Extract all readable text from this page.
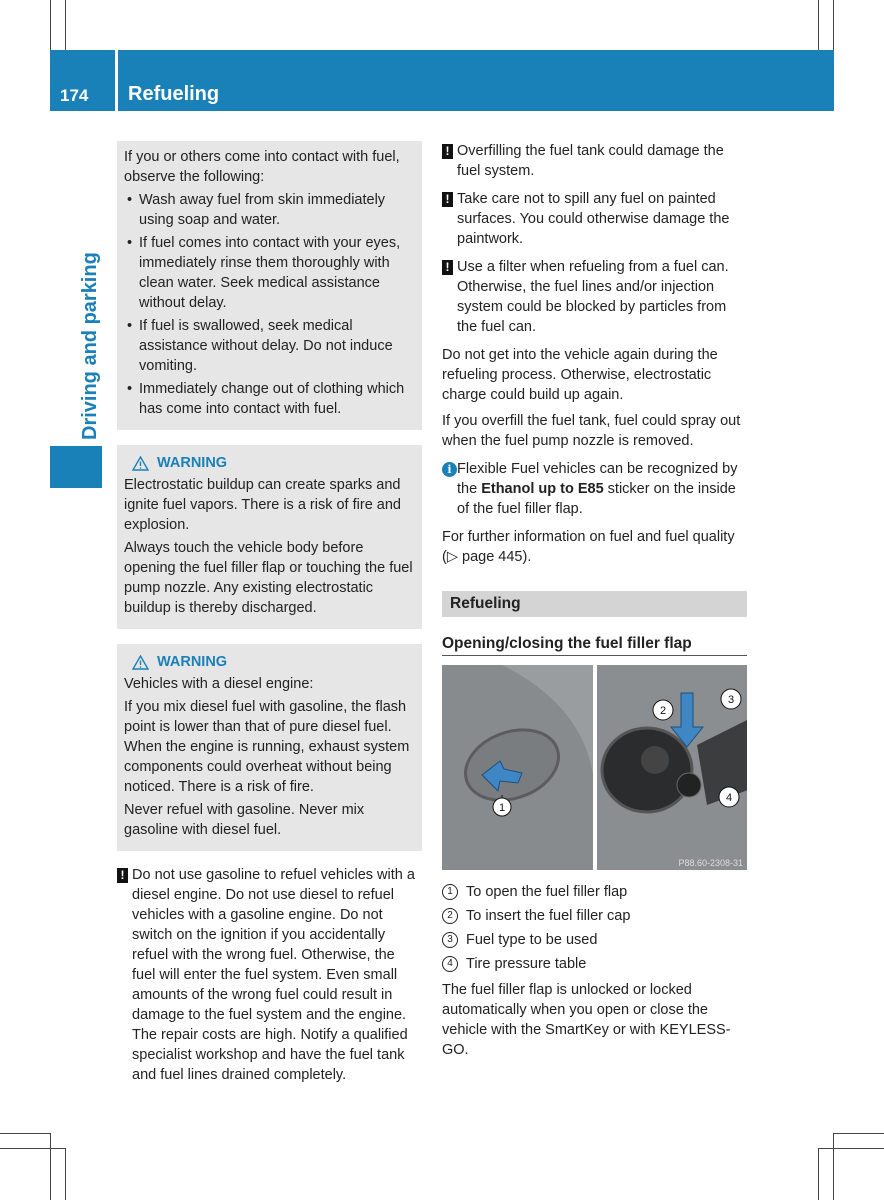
174 Refueling
Driving and parking
If you or others come into contact with fuel, observe the following:
• Wash away fuel from skin immediately using soap and water.
• If fuel comes into contact with your eyes, immediately rinse them thoroughly with clean water. Seek medical assistance without delay.
• If fuel is swallowed, seek medical assistance without delay. Do not induce vomiting.
• Immediately change out of clothing which has come into contact with fuel.
WARNING
Electrostatic buildup can create sparks and ignite fuel vapors. There is a risk of fire and explosion.
Always touch the vehicle body before opening the fuel filler flap or touching the fuel pump nozzle. Any existing electrostatic buildup is thereby discharged.
WARNING
Vehicles with a diesel engine:
If you mix diesel fuel with gasoline, the flash point is lower than that of pure diesel fuel. When the engine is running, exhaust system components could overheat without being noticed. There is a risk of fire.
Never refuel with gasoline. Never mix gasoline with diesel fuel.
! Do not use gasoline to refuel vehicles with a diesel engine. Do not use diesel to refuel vehicles with a gasoline engine. Do not switch on the ignition if you accidentally refuel with the wrong fuel. Otherwise, the fuel will enter the fuel system. Even small amounts of the wrong fuel could result in damage to the fuel system and the engine. The repair costs are high. Notify a qualified specialist workshop and have the fuel tank and fuel lines drained completely.
! Overfilling the fuel tank could damage the fuel system.
! Take care not to spill any fuel on painted surfaces. You could otherwise damage the paintwork.
! Use a filter when refueling from a fuel can. Otherwise, the fuel lines and/or injection system could be blocked by particles from the fuel can.
Do not get into the vehicle again during the refueling process. Otherwise, electrostatic charge could build up again.
If you overfill the fuel tank, fuel could spray out when the fuel pump nozzle is removed.
i Flexible Fuel vehicles can be recognized by the Ethanol up to E85 sticker on the inside of the fuel filler flap.
For further information on fuel and fuel quality (▷ page 445).
Refueling
Opening/closing the fuel filler flap
1
2
3
4
P88.60-2308-31
1 To open the fuel filler flap
2 To insert the fuel filler cap
3 Fuel type to be used
4 Tire pressure table
The fuel filler flap is unlocked or locked automatically when you open or close the vehicle with the SmartKey or with KEYLESS-GO.
